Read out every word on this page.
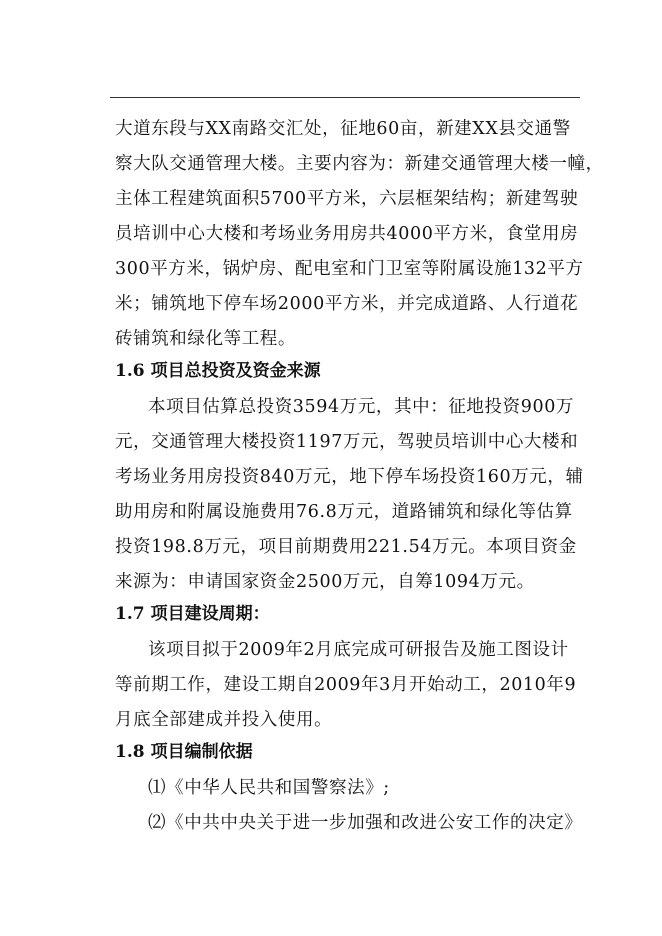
大道东段与XX南路交汇处，征地60亩，新建XX县交通警
察大队交通管理大楼。主要内容为：新建交通管理大楼一幢，
主体工程建筑面积5700平方米，六层框架结构；新建驾驶
员培训中心大楼和考场业务用房共4000平方米，食堂用房
300平方米，锅炉房、配电室和门卫室等附属设施132平方
米；铺筑地下停车场2000平方米，并完成道路、人行道花
砖铺筑和绿化等工程。
1.6 项目总投资及资金来源
本项目估算总投资3594万元，其中：征地投资900万
元，交通管理大楼投资1197万元，驾驶员培训中心大楼和
考场业务用房投资840万元，地下停车场投资160万元，辅
助用房和附属设施费用76.8万元，道路铺筑和绿化等估算
投资198.8万元，项目前期费用221.54万元。本项目资金
来源为：申请国家资金2500万元，自筹1094万元。
1.7 项目建设周期：
该项目拟于2009年2月底完成可研报告及施工图设计
等前期工作，建设工期自2009年3月开始动工，2010年9
月底全部建成并投入使用。
1.8 项目编制依据
⑴《中华人民共和国警察法》;
⑵《中共中央关于进一步加强和改进公安工作的决定》
